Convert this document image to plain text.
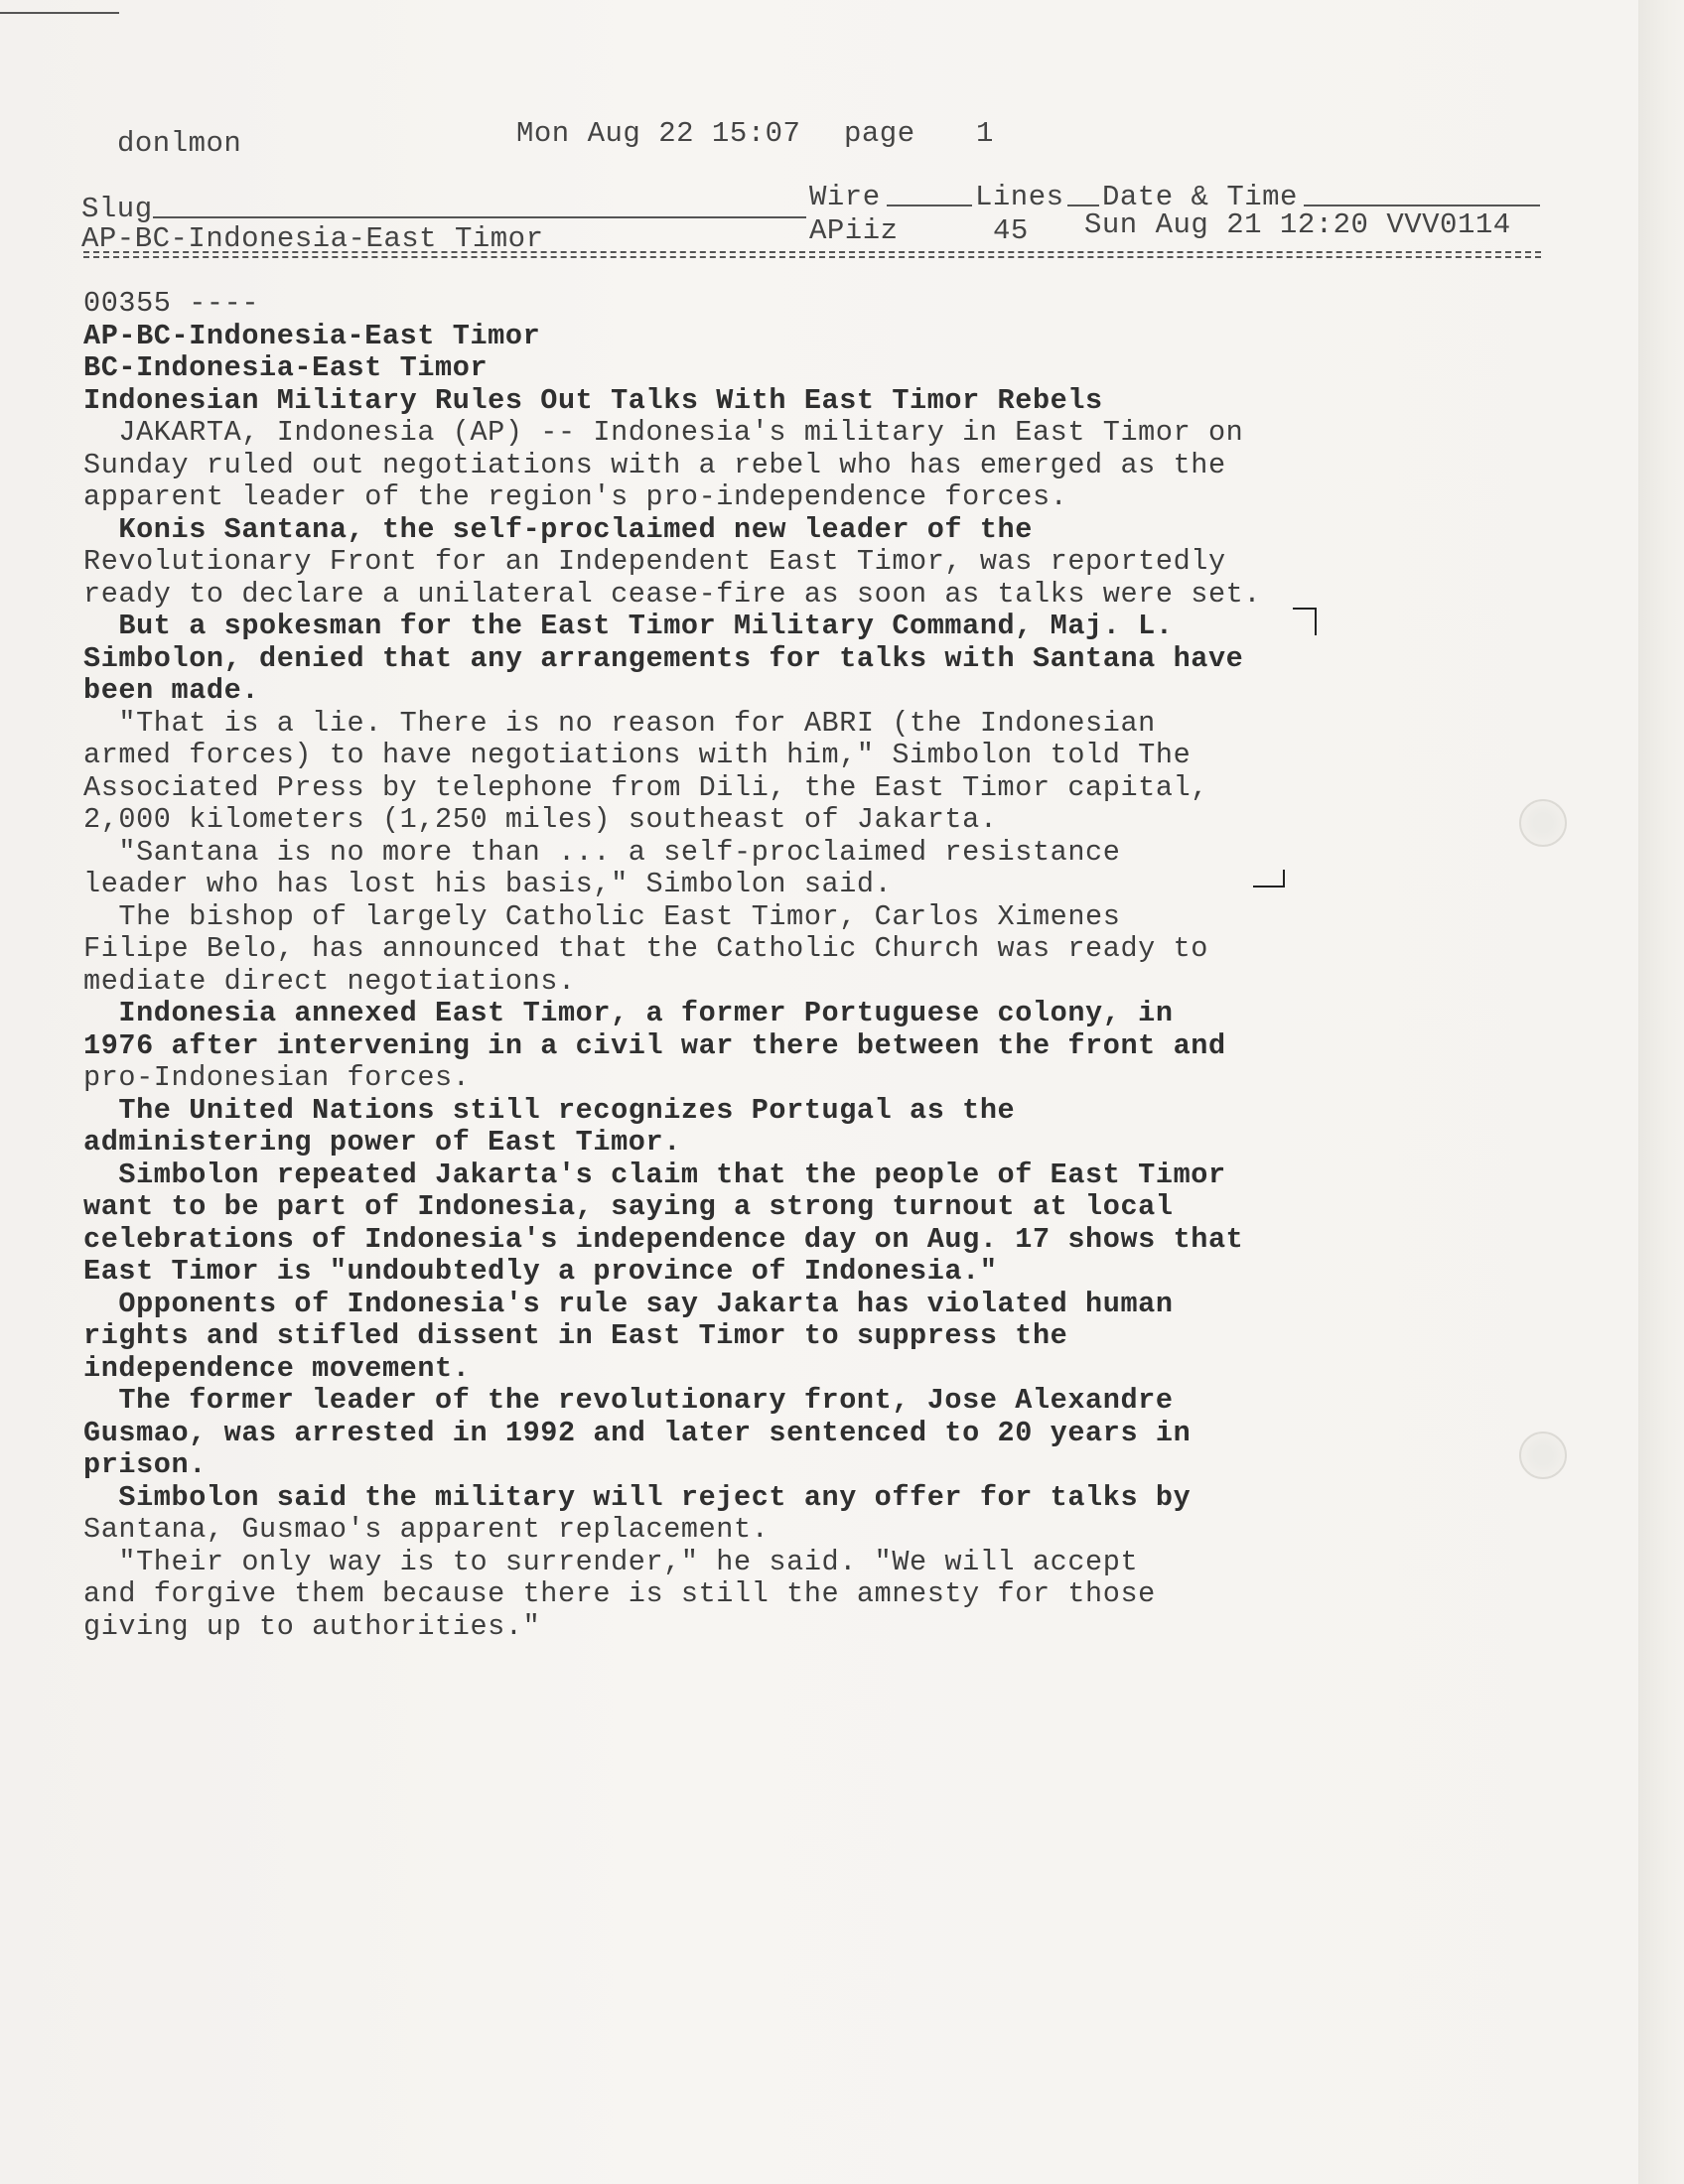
donlmon	Mon Aug 22 15:07 page 1
Slug	Wire	Lines Date & Time
AP-BC-Indonesia-East Timor	APiiz	45 Sun Aug 21 12:20 VVV0114
00355 ----
AP-BC-Indonesia-East Timor
BC-Indonesia-East Timor
Indonesian Military Rules Out Talks With East Timor Rebels
JAKARTA, Indonesia (AP) -- Indonesia's military in East Timor on
Sunday ruled out negotiations with a rebel who has emerged as the
apparent leader of the region's pro-independence forces.
Konis Santana, the self-proclaimed new leader of the
Revolutionary Front for an Independent East Timor, was reportedly
ready to declare a unilateral cease-fire as soon as talks were set.
But a spokesman for the East Timor Military Command, Maj. L.
Simbolon, denied that any arrangements for talks with Santana have
been made.
"That is a lie. There is no reason for ABRI (the Indonesian
armed forces) to have negotiations with him," Simbolon told The
Associated Press by telephone from Dili, the East Timor capital,
2,000 kilometers (1,250 miles) southeast of Jakarta.
"Santana is no more than ... a self-proclaimed resistance
leader who has lost his basis," Simbolon said.
The bishop of largely Catholic East Timor, Carlos Ximenes
Filipe Belo, has announced that the Catholic Church was ready to
mediate direct negotiations.
Indonesia annexed East Timor, a former Portuguese colony, in
1976 after intervening in a civil war there between the front and
pro-Indonesian forces.
The United Nations still recognizes Portugal as the
administering power of East Timor.
Simbolon repeated Jakarta's claim that the people of East Timor
want to be part of Indonesia, saying a strong turnout at local
celebrations of Indonesia's independence day on Aug. 17 shows that
East Timor is "undoubtedly a province of Indonesia."
Opponents of Indonesia's rule say Jakarta has violated human
rights and stifled dissent in East Timor to suppress the
independence movement.
The former leader of the revolutionary front, Jose Alexandre
Gusmao, was arrested in 1992 and later sentenced to 20 years in
prison.
Simbolon said the military will reject any offer for talks by
Santana, Gusmao's apparent replacement.
"Their only way is to surrender," he said. "We will accept
and forgive them because there is still the amnesty for those
giving up to authorities."
